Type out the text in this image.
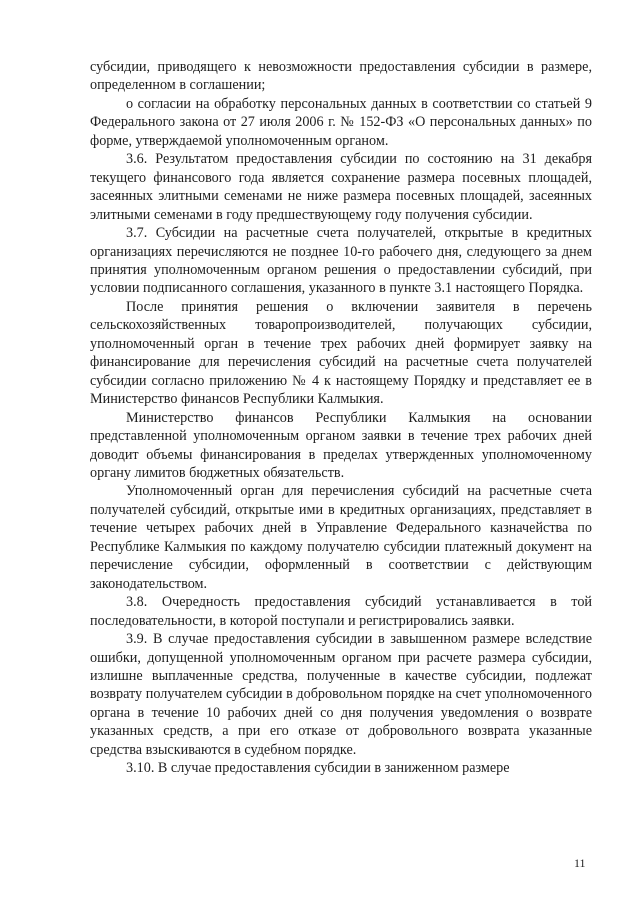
субсидии, приводящего к невозможности предоставления субсидии в размере, определенном в соглашении;

о согласии на обработку персональных данных в соответствии со статьей 9 Федерального закона от 27 июля 2006 г. № 152-ФЗ «О персональных данных» по форме, утверждаемой уполномоченным органом.

3.6. Результатом предоставления субсидии по состоянию на 31 декабря текущего финансового года является сохранение размера посевных площадей, засеянных элитными семенами не ниже размера посевных площадей, засеянных элитными семенами в году предшествующему году получения субсидии.

3.7. Субсидии на расчетные счета получателей, открытые в кредитных организациях перечисляются не позднее 10-го рабочего дня, следующего за днем принятия уполномоченным органом решения о предоставлении субсидий, при условии подписанного соглашения, указанного в пункте 3.1 настоящего Порядка.

После принятия решения о включении заявителя в перечень сельскохозяйственных товаропроизводителей, получающих субсидии, уполномоченный орган в течение трех рабочих дней формирует заявку на финансирование для перечисления субсидий на расчетные счета получателей субсидии согласно приложению № 4 к настоящему Порядку и представляет ее в Министерство финансов Республики Калмыкия.

Министерство финансов Республики Калмыкия на основании представленной уполномоченным органом заявки в течение трех рабочих дней доводит объемы финансирования в пределах утвержденных уполномоченному органу лимитов бюджетных обязательств.

Уполномоченный орган для перечисления субсидий на расчетные счета получателей субсидий, открытые ими в кредитных организациях, представляет в течение четырех рабочих дней в Управление Федерального казначейства по Республике Калмыкия по каждому получателю субсидии платежный документ на перечисление субсидии, оформленный в соответствии с действующим законодательством.

3.8. Очередность предоставления субсидий устанавливается в той последовательности, в которой поступали и регистрировались заявки.

3.9. В случае предоставления субсидии в завышенном размере вследствие ошибки, допущенной уполномоченным органом при расчете размера субсидии, излишне выплаченные средства, полученные в качестве субсидии, подлежат возврату получателем субсидии в добровольном порядке на счет уполномоченного органа в течение 10 рабочих дней со дня получения уведомления о возврате указанных средств, а при его отказе от добровольного возврата указанные средства взыскиваются в судебном порядке.

3.10. В случае предоставления субсидии в заниженном размере

11
